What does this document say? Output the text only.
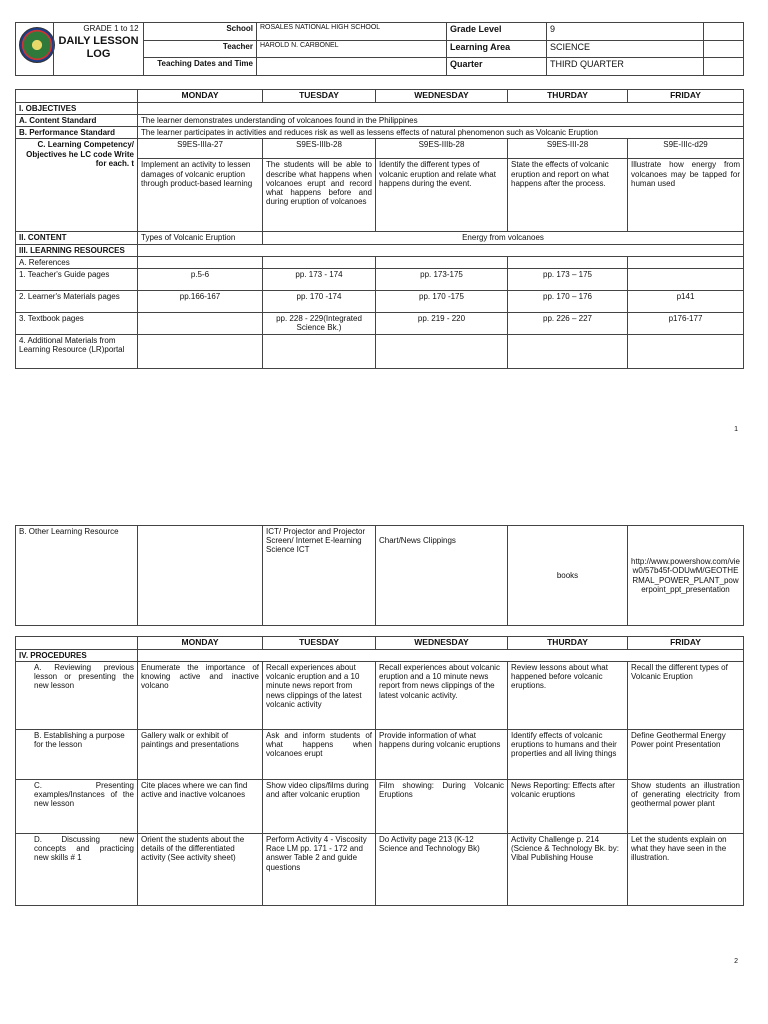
	GRADE 1 to 12
DAILY LESSON LOG	School	ROSALES NATIONAL HIGH SCHOOL	Grade Level	9	
		Teacher	HAROLD N. CARBONEL	Learning Area	SCIENCE	
		Teaching Dates and Time		Quarter	THIRD QUARTER	
	MONDAY	TUESDAY	WEDNESDAY	THURDAY	FRIDAY
I. OBJECTIVES					
A. Content Standard	The learner demonstrates understanding of volcanoes found in the Philippines				
B. Performance Standard	The learner participates in activities and reduces risk as well as lessens effects of natural phenomenon such as Volcanic Eruption				
C. Learning Competency/ Objectives he LC code Write for each. t	S9ES-IIIa-27	S9ES-IIIb-28	S9ES-IIIb-28	S9ES-III-28	S9E-IIIc-d29
	Implement an activity to lessen damages of volcanic eruption through product-based learning	The students will be able to describe what happens when volcanoes erupt and record what happens before and during eruption of volcanoes	Identify the different types of volcanic eruption and relate what happens during the event.	State the effects of volcanic eruption and report on what happens after the process.	Illustrate how energy from volcanoes may be tapped for human used
II. CONTENT	Types of Volcanic Eruption	Energy from volcanoes			
III. LEARNING RESOURCES					
A. References					
1. Teacher's Guide pages	p.5-6	pp. 173 - 174	pp. 173-175	pp. 173 – 175	
2. Learner's Materials pages	pp.166-167	pp. 170 -174	pp. 170 -175	pp. 170 – 176	p141
3. Textbook pages		pp. 228 - 229(Integrated Science Bk.)	pp. 219 - 220	pp. 226 – 227	p176-177
4. Additional Materials from Learning Resource (LR)portal					
1
B. Other Learning Resource		ICT/ Projector and Projector Screen/ Internet E-learning Science ICT	Chart/News Clippings	books	http://www.powershow.com/view0/57b45f-ODUwM/GEOTHERMAL_POWER_PLANT_powerpoint_ppt_presentation
	MONDAY	TUESDAY	WEDNESDAY	THURDAY	FRIDAY
IV. PROCEDURES					
A. Reviewing previous lesson or presenting the new lesson	Enumerate the importance of knowing active and inactive volcano	Recall experiences about volcanic eruption and a 10 minute news report from news clippings of the latest volcanic activity	Recall experiences about volcanic eruption and a 10 minute news report from news clippings of the latest volcanic activity.	Review lessons about what happened before volcanic eruptions.	Recall the different types of Volcanic Eruption
B. Establishing a purpose for the lesson	Gallery walk or exhibit of paintings and presentations	Ask and inform students of what happens when volcanoes erupt	Provide information of what happens during volcanic eruptions	Identify effects of volcanic eruptions to humans and their properties and all living things	Define Geothermal Energy Power point Presentation
C. Presenting examples/Instances of the new lesson	Cite places where we can find active and inactive volcanoes	Show video clips/films during and after volcanic eruption	Film showing: During Volcanic Eruptions	News Reporting: Effects after volcanic eruptions	Show students an illustration of generating electricity from geothermal power plant
D. Discussing new concepts and practicing new skills # 1	Orient the students about the details of the differentiated activity (See activity sheet)	Perform Activity 4 - Viscosity Race LM pp. 171 - 172 and answer Table 2 and guide questions	Do Activity page 213 (K-12 Science and Technology Bk)	Activity Challenge p. 214 (Science & Technology Bk. by: Vibal Publishing House	Let the students explain on what they have seen in the illustration.
2
